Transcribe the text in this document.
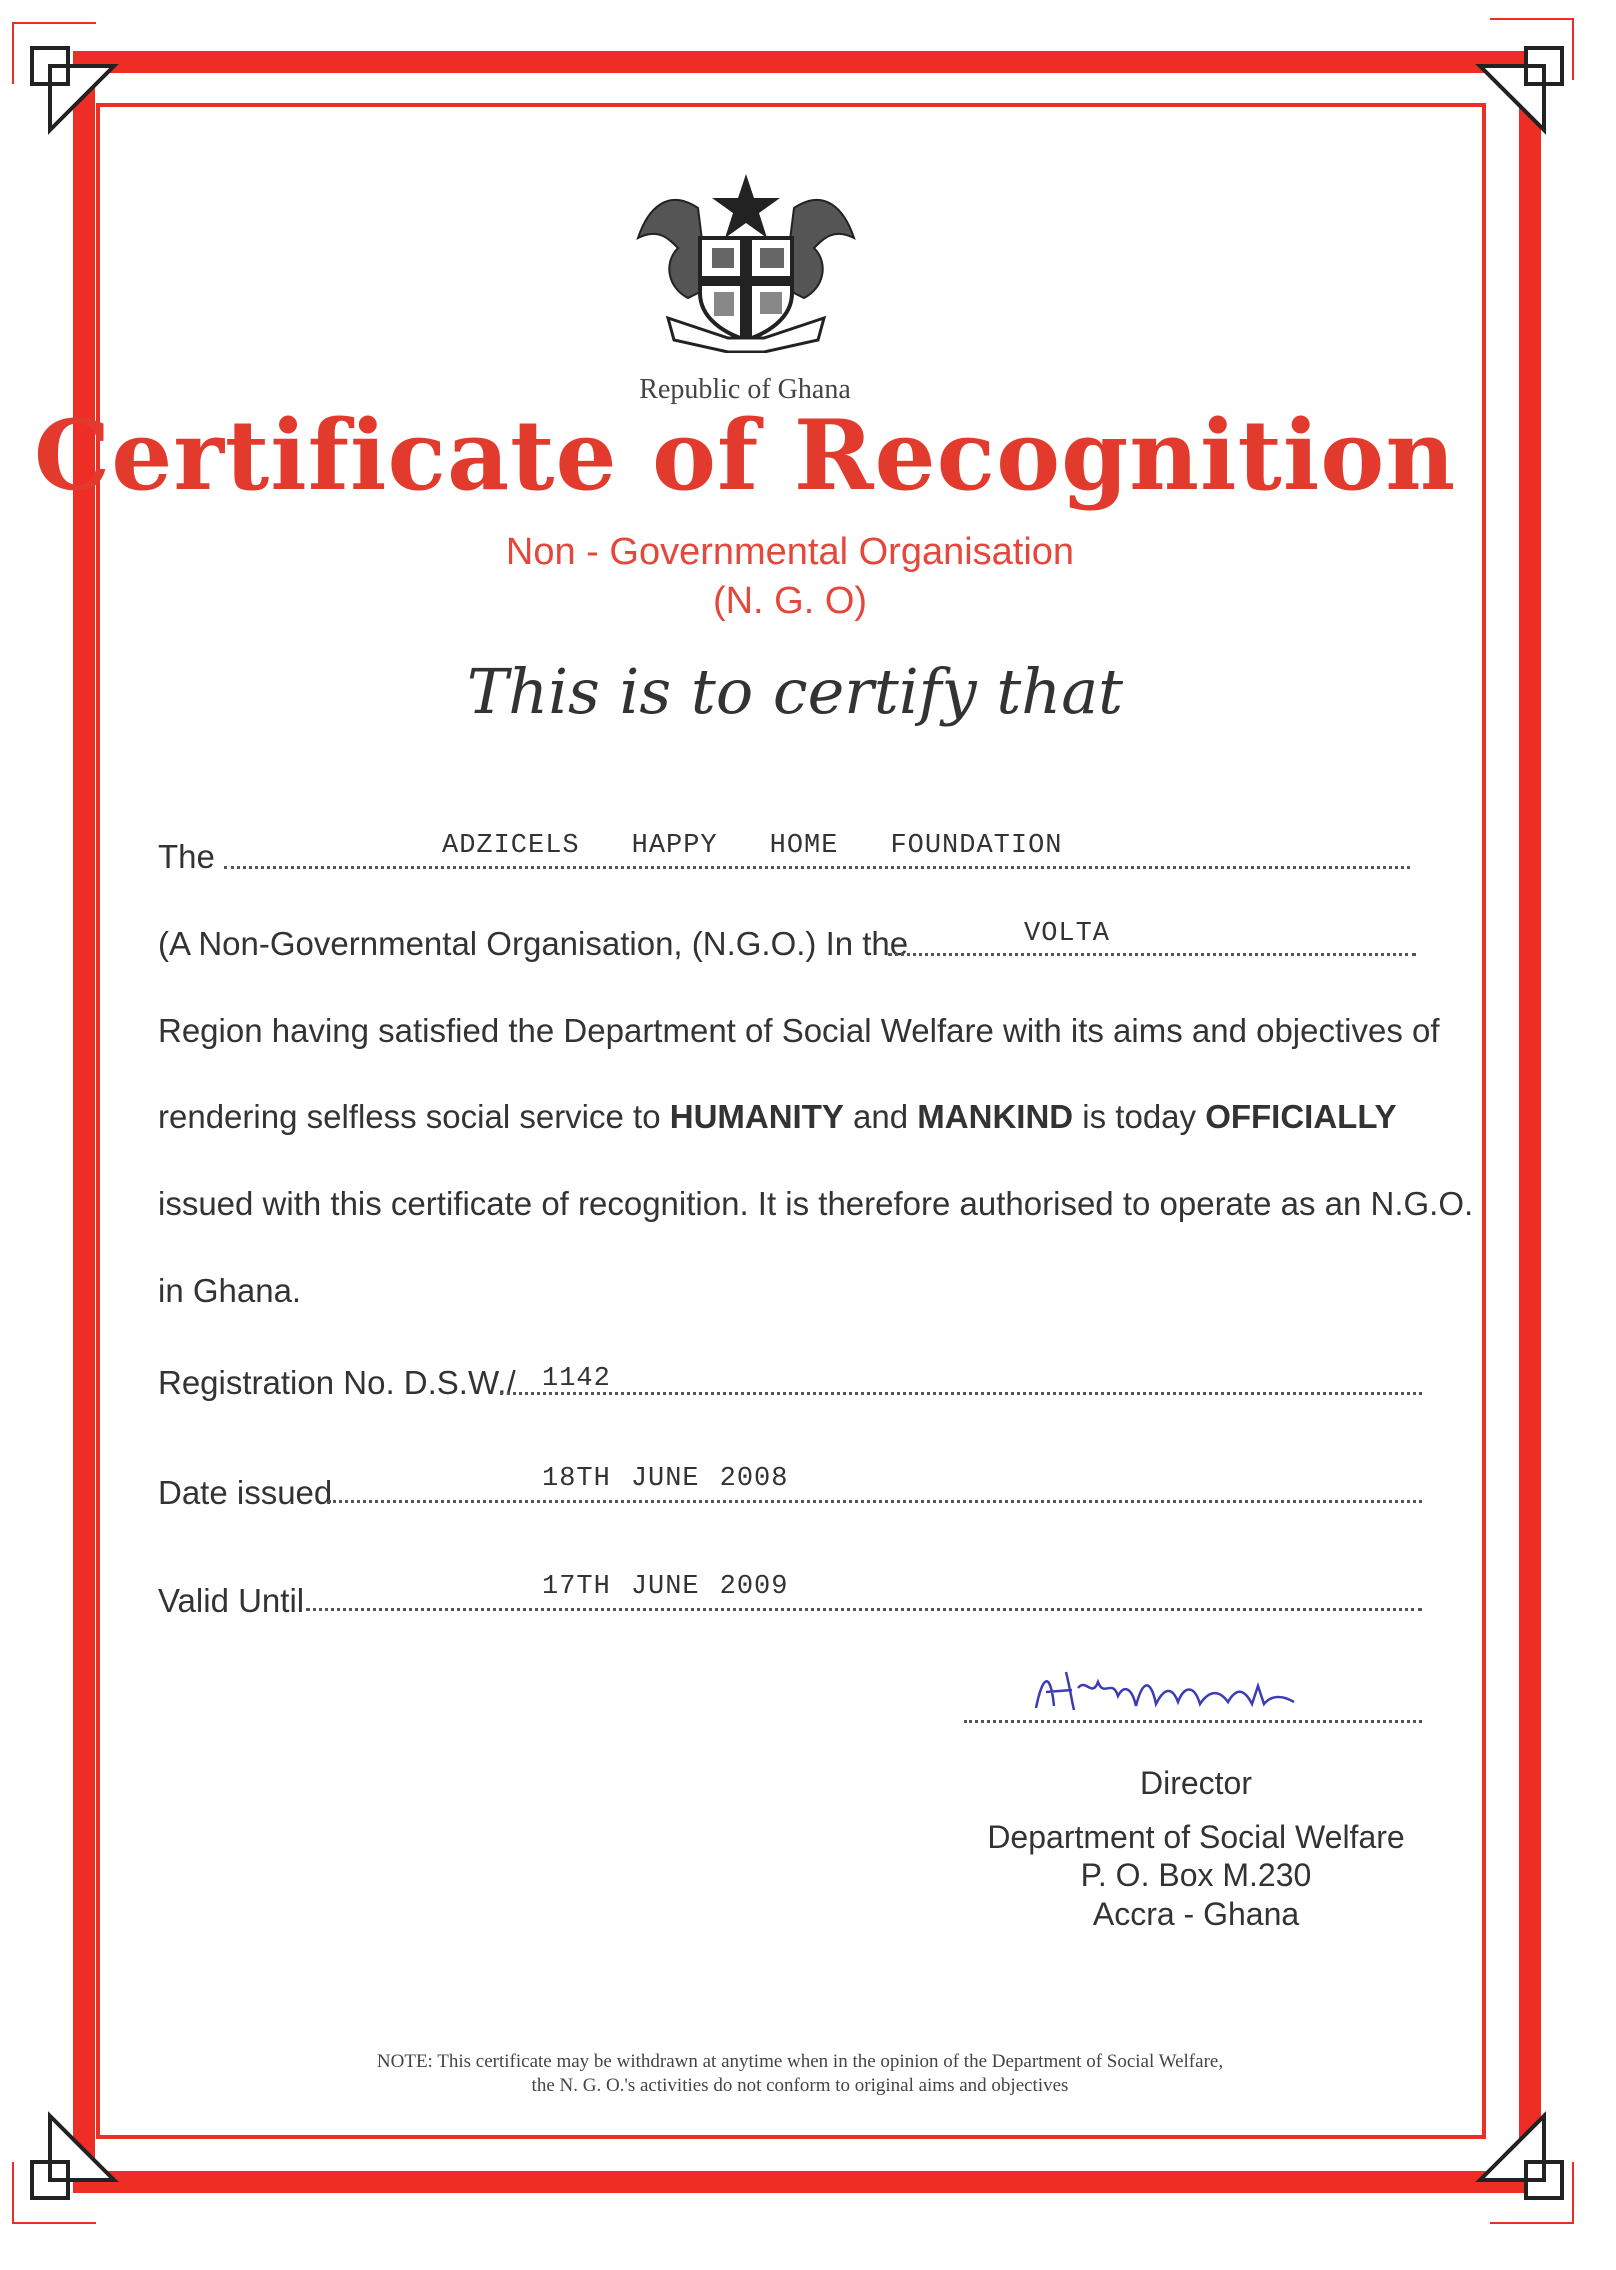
Republic of Ghana
Certificate of Recognition
Non - Governmental Organisation
(N. G. O)
This is to certify that
The	ADZICELS HAPPY HOME FOUNDATION
(A Non-Governmental Organisation, (N.G.O.) In the	VOLTA
Region having satisfied the Department of Social Welfare with its aims and objectives of
rendering selfless social service to HUMANITY and MANKIND is today OFFICIALLY
issued with this certificate of recognition. It is therefore authorised to operate as an N.G.O.
in Ghana.
Registration No. D.S.W./ 1142
Date issued	18TH JUNE 2008
Valid Until	17TH JUNE 2009
Director
Department of Social Welfare
P. O. Box M.230
Accra - Ghana
NOTE: This certificate may be withdrawn at anytime when in the opinion of the Department of Social Welfare,
the N. G. O.'s activities do not conform to original aims and objectives
